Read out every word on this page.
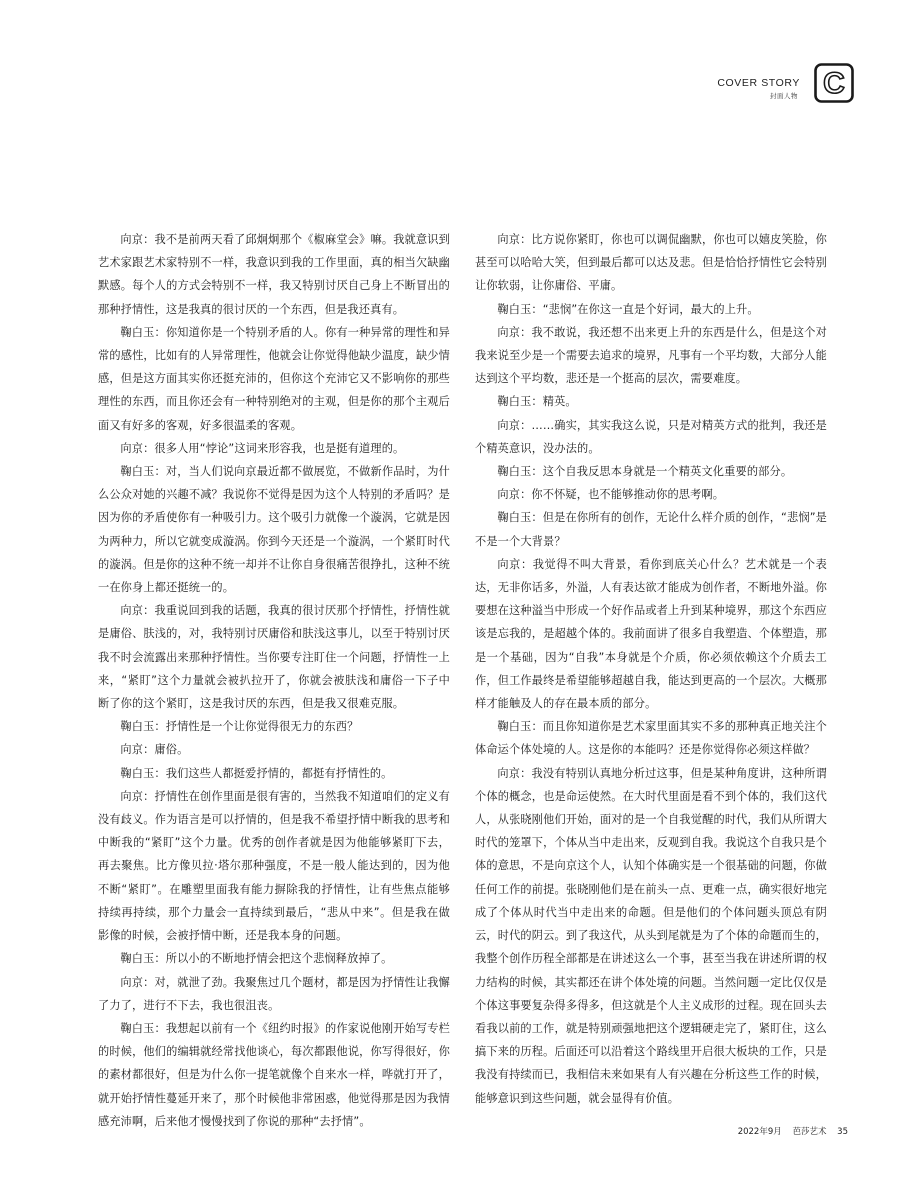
COVER STORY
封面人物 C

向京：我不是前两天看了邱炯炯那个《椒麻堂会》嘛。我就意识到艺术家跟艺术家特别不一样，我意识到我的工作里面，真的相当欠缺幽默感。每个人的方式会特别不一样，我又特别讨厌自己身上不断冒出的那种抒情性，这是我真的很讨厌的一个东西，但是我还真有。

鞠白玉：你知道你是一个特别矛盾的人。你有一种异常的理性和异常的感性，比如有的人异常理性，他就会让你觉得他缺少温度，缺少情感，但是这方面其实你还挺充沛的，但你这个充沛它又不影响你的那些理性的东西，而且你还会有一种特别绝对的主观，但是你的那个主观后面又有好多的客观，好多很温柔的客观。

向京：很多人用“悖论”这词来形容我，也是挺有道理的。

鞠白玉：对，当人们说向京最近都不做展览，不做新作品时，为什么公众对她的兴趣不减？我说你不觉得是因为这个人特别的矛盾吗？是因为你的矛盾使你有一种吸引力。这个吸引力就像一个漩涡，它就是因为两种力，所以它就变成漩涡。你到今天还是一个漩涡，一个紧盯时代的漩涡。但是你的这种不统一却并不让你自身很痛苦很挣扎，这种不统一在你身上都还挺统一的。

向京：我重说回到我的话题，我真的很讨厌那个抒情性，抒情性就是庸俗、肤浅的，对，我特别讨厌庸俗和肤浅这事儿，以至于特别讨厌我不时会流露出来那种抒情性。当你要专注盯住一个问题，抒情性一上来，“紧盯”这个力量就会被扒拉开了，你就会被肤浅和庸俗一下子中断了你的这个紧盯，这是我讨厌的东西，但是我又很难克服。

鞠白玉：抒情性是一个让你觉得很无力的东西？

向京：庸俗。

鞠白玉：我们这些人都挺爱抒情的，都挺有抒情性的。

向京：抒情性在创作里面是很有害的，当然我不知道咱们的定义有没有歧义。作为语言是可以抒情的，但是我不希望抒情中断我的思考和中断我的“紧盯”这个力量。优秀的创作者就是因为他能够紧盯下去，再去聚焦。比方像贝拉·塔尔那种强度，不是一般人能达到的，因为他不断“紧盯”。在雕塑里面我有能力摒除我的抒情性，让有些焦点能够持续再持续，那个力量会一直持续到最后，“悲从中来”。但是我在做影像的时候，会被抒情中断，还是我本身的问题。

鞠白玉：所以小的不断地抒情会把这个悲悯释放掉了。

向京：对，就泄了劲。我聚焦过几个题材，都是因为抒情性让我懈了力了，进行不下去，我也很沮丧。

鞠白玉：我想起以前有一个《纽约时报》的作家说他刚开始写专栏的时候，他们的编辑就经常找他谈心，每次都跟他说，你写得很好，你的素材都很好，但是为什么你一提笔就像个自来水一样，哗就打开了，就开始抒情性蔓延开来了，那个时候他非常困惑，他觉得那是因为我情感充沛啊，后来他才慢慢找到了你说的那种“去抒情”。

向京：比方说你紧盯，你也可以调侃幽默，你也可以嬉皮笑脸，你甚至可以哈哈大笑，但到最后都可以达及悲。但是恰恰抒情性它会特别让你软弱，让你庸俗、平庸。

鞠白玉：“悲悯”在你这一直是个好词，最大的上升。

向京：我不敢说，我还想不出来更上升的东西是什么，但是这个对我来说至少是一个需要去追求的境界，凡事有一个平均数，大部分人能达到这个平均数，悲还是一个挺高的层次，需要难度。

鞠白玉：精英。

向京：……确实，其实我这么说，只是对精英方式的批判，我还是个精英意识，没办法的。

鞠白玉：这个自我反思本身就是一个精英文化重要的部分。

向京：你不怀疑，也不能够推动你的思考啊。

鞠白玉：但是在你所有的创作，无论什么样介质的创作，“悲悯”是不是一个大背景？

向京：我觉得不叫大背景，看你到底关心什么？艺术就是一个表达，无非你话多，外溢，人有表达欲才能成为创作者，不断地外溢。你要想在这种溢当中形成一个好作品或者上升到某种境界，那这个东西应该是忘我的，是超越个体的。我前面讲了很多自我塑造、个体塑造，那是一个基础，因为“自我”本身就是个介质，你必须依赖这个介质去工作，但工作最终是希望能够超越自我，能达到更高的一个层次。大概那样才能触及人的存在最本质的部分。

鞠白玉：而且你知道你是艺术家里面其实不多的那种真正地关注个体命运个体处境的人。这是你的本能吗？还是你觉得你必须这样做？

向京：我没有特别认真地分析过这事，但是某种角度讲，这种所谓个体的概念，也是命运使然。在大时代里面是看不到个体的，我们这代人，从张晓刚他们开始，面对的是一个自我觉醒的时代，我们从所谓大时代的笼罩下，个体从当中走出来，反观到自我。我说这个自我只是个体的意思，不是向京这个人，认知个体确实是一个很基础的问题，你做任何工作的前提。张晓刚他们是在前头一点、更难一点，确实很好地完成了个体从时代当中走出来的命题。但是他们的个体问题头顶总有阴云，时代的阴云。到了我这代，从头到尾就是为了个体的命题而生的，我整个创作历程全部都是在讲述这么一个事，甚至当我在讲述所谓的权力结构的时候，其实都还在讲个体处境的问题。当然问题一定比仅仅是个体这事要复杂得多得多，但这就是个人主义成形的过程。现在回头去看我以前的工作，就是特别顽强地把这个逻辑硬走完了，紧盯住，这么搞下来的历程。后面还可以沿着这个路线里开启很大板块的工作，只是我没有持续而已，我相信未来如果有人有兴趣在分析这些工作的时候，能够意识到这些问题，就会显得有价值。

2022年9月 芭莎艺术 35
